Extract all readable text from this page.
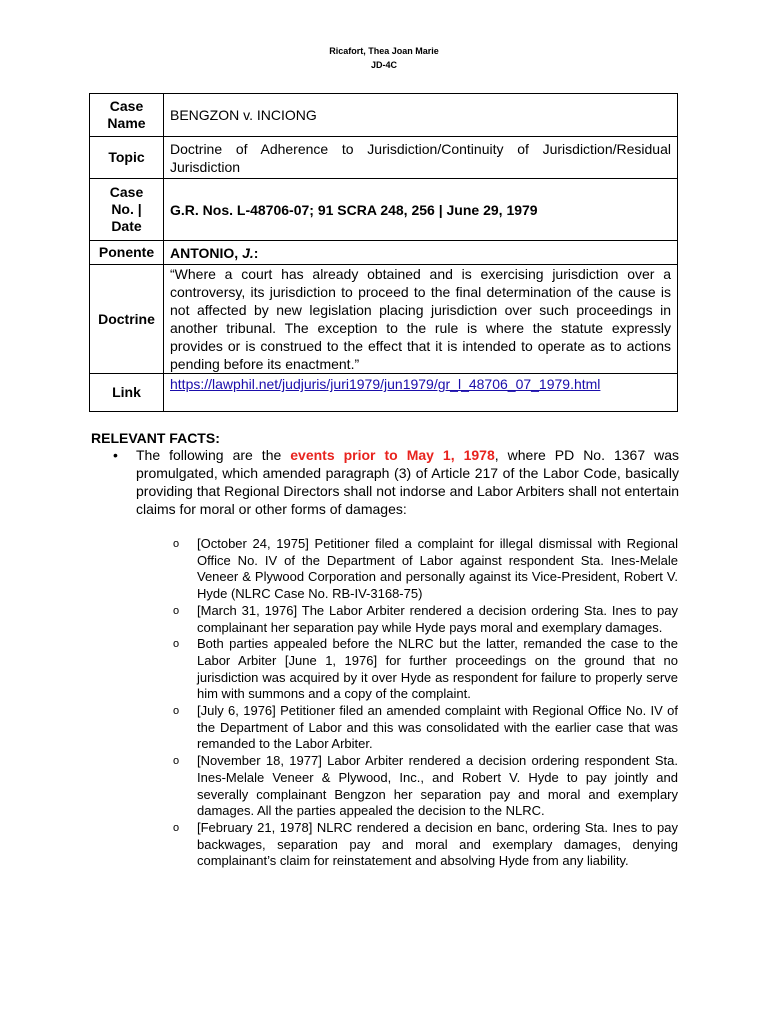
Ricafort, Thea Joan Marie
JD-4C
Case Name	BENGZON v. INCIONG
Topic	Doctrine of Adherence to Jurisdiction/Continuity of Jurisdiction/Residual Jurisdiction

Case
No. |
Date	G.R. Nos. L-48706-07; 91 SCRA 248, 256 | June 29, 1979
Ponente	ANTONIO, J.:
Doctrine	“Where a court has already obtained and is exercising jurisdiction over a controversy, its jurisdiction to proceed to the final determination of the cause is not affected by new legislation placing jurisdiction over such proceedings in another tribunal. The exception to the rule is where the statute expressly provides or is construed to the effect that it is intended to operate as to actions pending before its enactment.”
Link	https://lawphil.net/judjuris/juri1979/jun1979/gr_l_48706_07_1979.html
RELEVANT FACTS:
• The following are the events prior to May 1, 1978, where PD No. 1367 was promulgated, which amended paragraph (3) of Article 217 of the Labor Code, basically providing that Regional Directors shall not indorse and Labor Arbiters shall not entertain claims for moral or other forms of damages:
o [October 24, 1975] Petitioner filed a complaint for illegal dismissal with Regional Office No. IV of the Department of Labor against respondent Sta. Ines-Melale Veneer & Plywood Corporation and personally against its Vice-President, Robert V. Hyde (NLRC Case No. RB-IV-3168-75)
o [March 31, 1976] The Labor Arbiter rendered a decision ordering Sta. Ines to pay complainant her separation pay while Hyde pays moral and exemplary damages.
o Both parties appealed before the NLRC but the latter, remanded the case to the Labor Arbiter [June 1, 1976] for further proceedings on the ground that no jurisdiction was acquired by it over Hyde as respondent for failure to properly serve him with summons and a copy of the complaint.
o [July 6, 1976] Petitioner filed an amended complaint with Regional Office No. IV of the Department of Labor and this was consolidated with the earlier case that was remanded to the Labor Arbiter.
o [November 18, 1977] Labor Arbiter rendered a decision ordering respondent Sta. Ines-Melale Veneer & Plywood, Inc., and Robert V. Hyde to pay jointly and severally complainant Bengzon her separation pay and moral and exemplary damages. All the parties appealed the decision to the NLRC.
o [February 21, 1978] NLRC rendered a decision en banc, ordering Sta. Ines to pay backwages, separation pay and moral and exemplary damages, denying complainant’s claim for reinstatement and absolving Hyde from any liability.
